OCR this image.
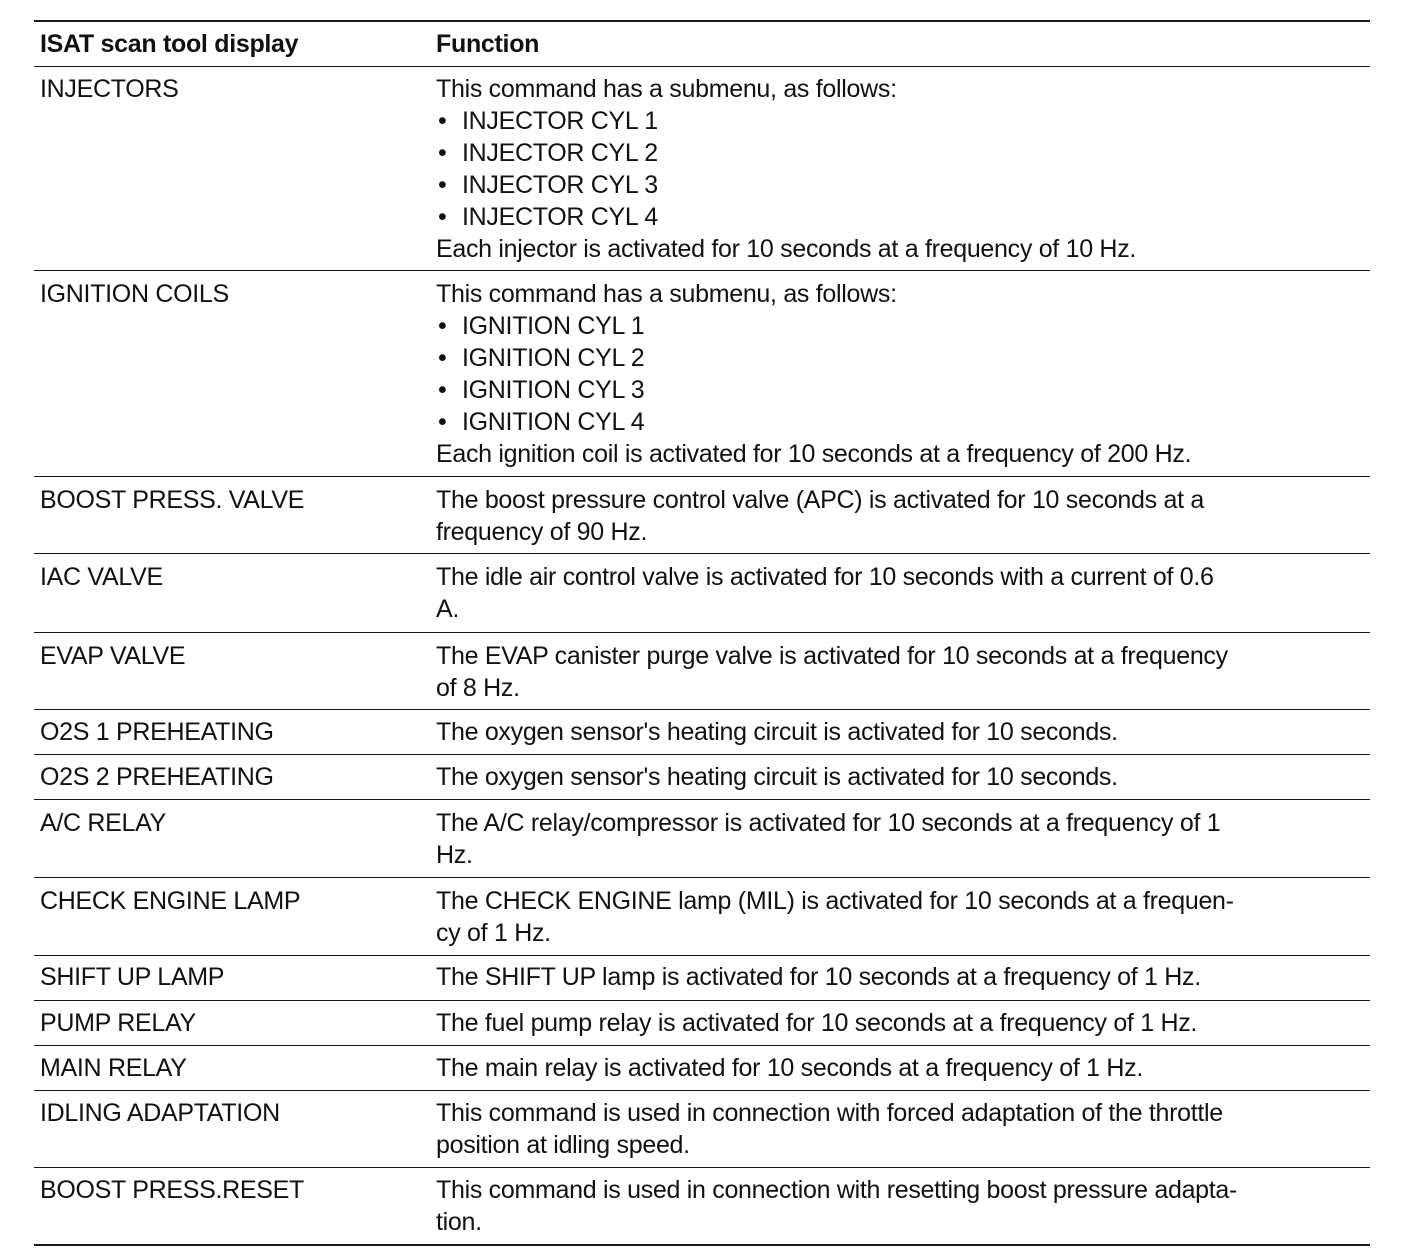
ISAT scan tool display	Function
INJECTORS	This command has a submenu, as follows:
• INJECTOR CYL 1
• INJECTOR CYL 2
• INJECTOR CYL 3
• INJECTOR CYL 4
Each injector is activated for 10 seconds at a frequency of 10 Hz.
IGNITION COILS	This command has a submenu, as follows:
• IGNITION CYL 1
• IGNITION CYL 2
• IGNITION CYL 3
• IGNITION CYL 4
Each ignition coil is activated for 10 seconds at a frequency of 200 Hz.
BOOST PRESS. VALVE	The boost pressure control valve (APC) is activated for 10 seconds at a
frequency of 90 Hz.
IAC VALVE	The idle air control valve is activated for 10 seconds with a current of 0.6
A.
EVAP VALVE	The EVAP canister purge valve is activated for 10 seconds at a frequency
of 8 Hz.
O2S 1 PREHEATING	The oxygen sensor's heating circuit is activated for 10 seconds.
O2S 2 PREHEATING	The oxygen sensor's heating circuit is activated for 10 seconds.
A/C RELAY	The A/C relay/compressor is activated for 10 seconds at a frequency of 1
Hz.
CHECK ENGINE LAMP	The CHECK ENGINE lamp (MIL) is activated for 10 seconds at a frequen-
cy of 1 Hz.
SHIFT UP LAMP	The SHIFT UP lamp is activated for 10 seconds at a frequency of 1 Hz.
PUMP RELAY	The fuel pump relay is activated for 10 seconds at a frequency of 1 Hz.
MAIN RELAY	The main relay is activated for 10 seconds at a frequency of 1 Hz.
IDLING ADAPTATION	This command is used in connection with forced adaptation of the throttle
position at idling speed.
BOOST PRESS.RESET	This command is used in connection with resetting boost pressure adapta-
tion.
